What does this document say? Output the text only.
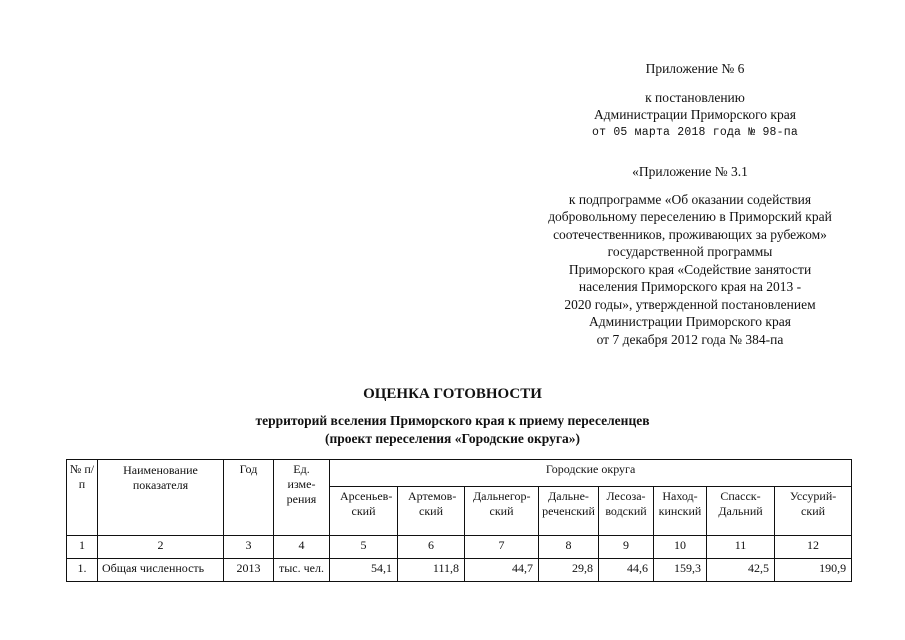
Приложение № 6
к постановлению
Администрации Приморского края
от 05 марта 2018 года № 98-па
«Приложение № 3.1
к подпрограмме «Об оказании содействия
добровольному переселению в Приморский край
соотечественников, проживающих за рубежом»
государственной программы
Приморского края «Содействие занятости
населения Приморского края на 2013 -
2020 годы», утвержденной постановлением
Администрации Приморского края
от 7 декабря 2012 года № 384-па
ОЦЕНКА ГОТОВНОСТИ
территорий вселения Приморского края к приему переселенцев
(проект переселения «Городские округа»)
№ п/п	Наименование показателя	Год	Ед. изме- рения	Городские округа							
				Арсеньев- ский	Артемов- ский	Дальнегор- ский	Дальне- реченский	Лесоза- водский	Наход- кинский	Спасск- Дальний	Уссурий- ский
1	2	3	4	5	6	7	8	9	10	11	12
1.	Общая численность	2013	тыс. чел.	54,1	111,8	44,7	29,8	44,6	159,3	42,5	190,9
